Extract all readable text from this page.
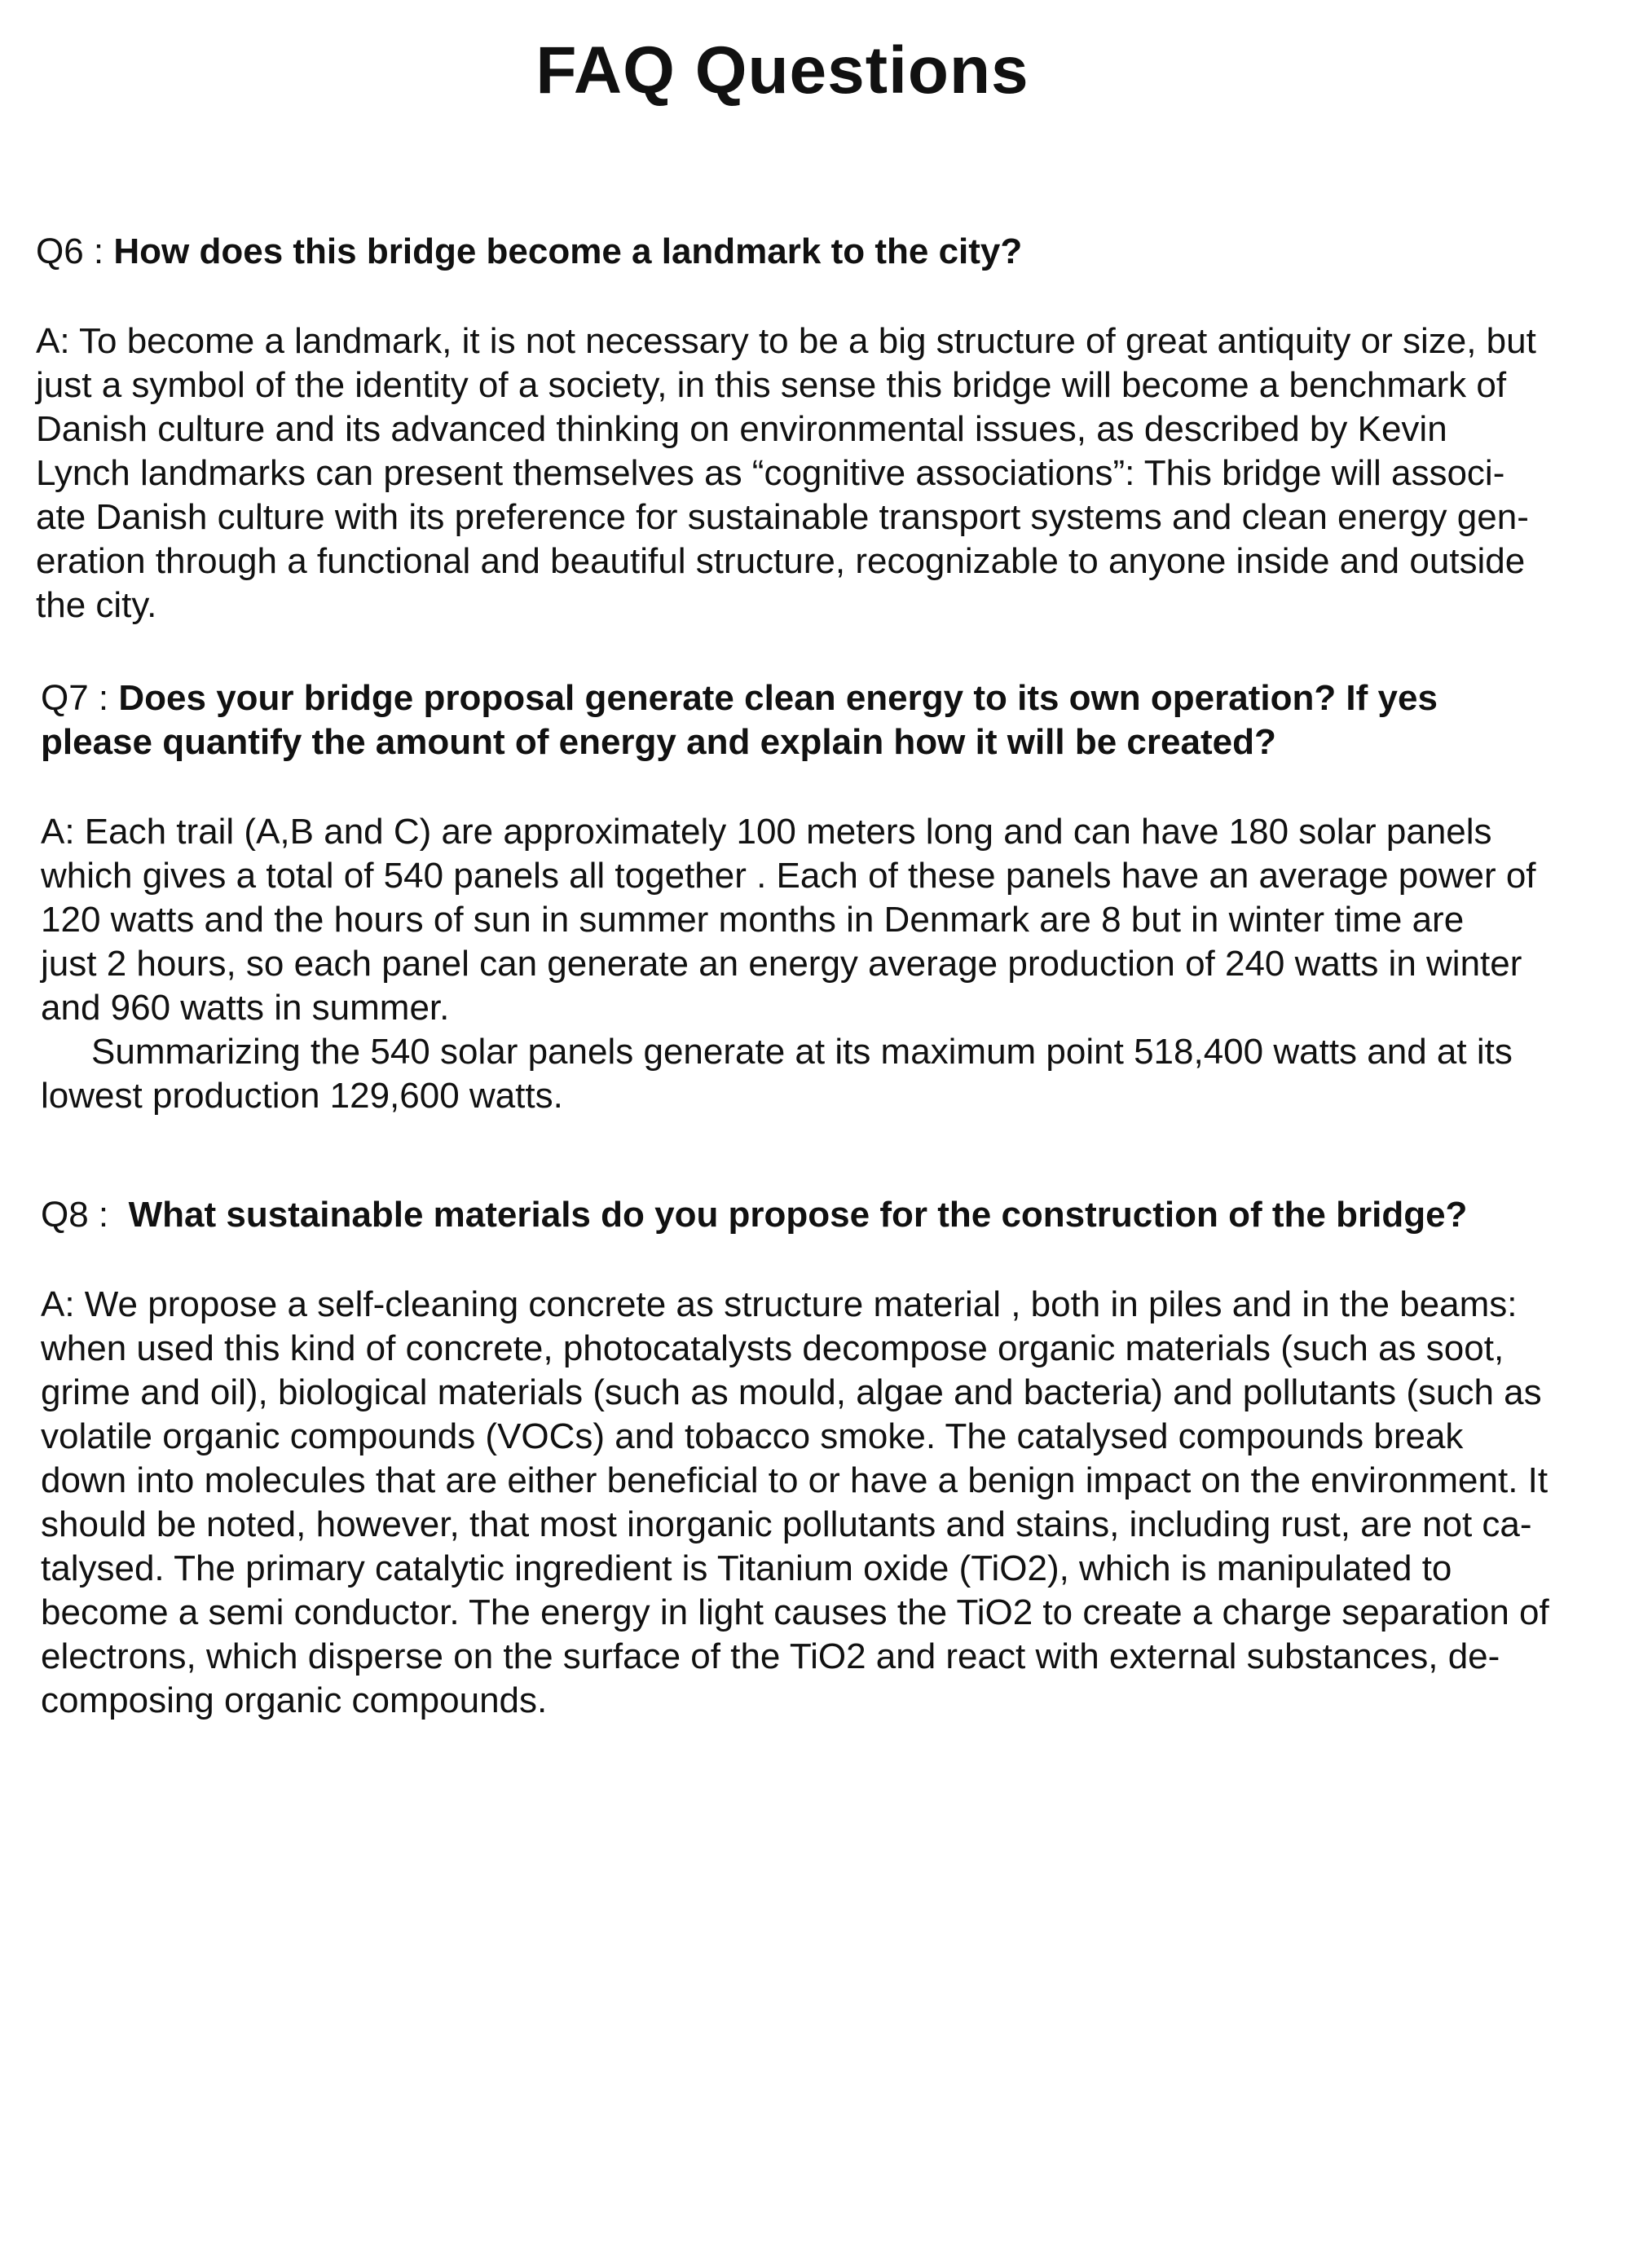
FAQ Questions

Q6 : How does this bridge become a landmark to the city?

A: To become a landmark, it is not necessary to be a big structure of great antiquity or size, but
just a symbol of the identity of a society, in this sense this bridge will become a benchmark of
Danish culture and its advanced thinking on environmental issues, as described by Kevin
Lynch landmarks can present themselves as “cognitive associations”: This bridge will associ-
ate Danish culture with its preference for sustainable transport systems and clean energy gen-
eration through a functional and beautiful structure, recognizable to anyone inside and outside
the city.

Q7 : Does your bridge proposal generate clean energy to its own operation? If yes
please quantify the amount of energy and explain how it will be created?

A: Each trail (A,B and C) are approximately 100 meters long and can have 180 solar panels
which gives a total of 540 panels all together . Each of these panels have an average power of
120 watts and the hours of sun in summer months in Denmark are 8 but in winter time are
just 2 hours, so each panel can generate an energy average production of 240 watts in winter
and 960 watts in summer.
Summarizing the 540 solar panels generate at its maximum point 518,400 watts and at its
lowest production 129,600 watts.

Q8 :  What sustainable materials do you propose for the construction of the bridge?

A: We propose a self-cleaning concrete as structure material , both in piles and in the beams:
when used this kind of concrete, photocatalysts decompose organic materials (such as soot,
grime and oil), biological materials (such as mould, algae and bacteria) and pollutants (such as
volatile organic compounds (VOCs) and tobacco smoke. The catalysed compounds break
down into molecules that are either beneficial to or have a benign impact on the environment. It
should be noted, however, that most inorganic pollutants and stains, including rust, are not ca-
talysed. The primary catalytic ingredient is Titanium oxide (TiO2), which is manipulated to
become a semi conductor. The energy in light causes the TiO2 to create a charge separation of
electrons, which disperse on the surface of the TiO2 and react with external substances, de-
composing organic compounds.
